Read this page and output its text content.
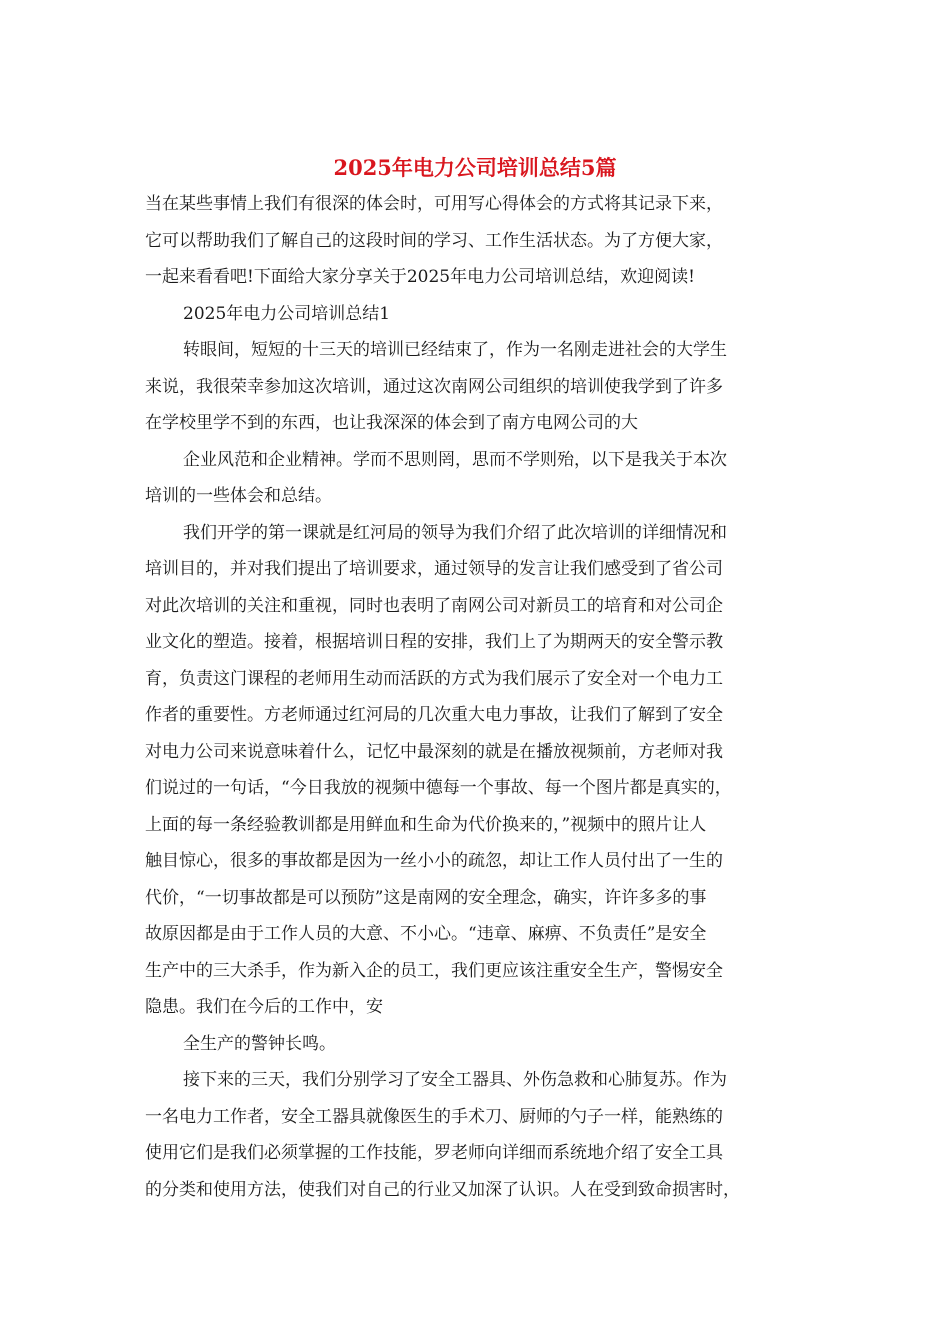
2025年电力公司培训总结5篇

当在某些事情上我们有很深的体会时，可用写心得体会的方式将其记录下来，
它可以帮助我们了解自己的这段时间的学习、工作生活状态。为了方便大家，
一起来看看吧!下面给大家分享关于2025年电力公司培训总结，欢迎阅读!

2025年电力公司培训总结1

转眼间，短短的十三天的培训已经结束了，作为一名刚走进社会的大学生
来说，我很荣幸参加这次培训，通过这次南网公司组织的培训使我学到了许多
在学校里学不到的东西，也让我深深的体会到了南方电网公司的大

企业风范和企业精神。学而不思则罔，思而不学则殆，以下是我关于本次
培训的一些体会和总结。

我们开学的第一课就是红河局的领导为我们介绍了此次培训的详细情况和
培训目的，并对我们提出了培训要求，通过领导的发言让我们感受到了省公司
对此次培训的关注和重视，同时也表明了南网公司对新员工的培育和对公司企
业文化的塑造。接着，根据培训日程的安排，我们上了为期两天的安全警示教
育，负责这门课程的老师用生动而活跃的方式为我们展示了安全对一个电力工
作者的重要性。方老师通过红河局的几次重大电力事故，让我们了解到了安全
对电力公司来说意味着什么，记忆中最深刻的就是在播放视频前，方老师对我
们说过的一句话，“今日我放的视频中德每一个事故、每一个图片都是真实的，
上面的每一条经验教训都是用鲜血和生命为代价换来的，”视频中的照片让人
触目惊心，很多的事故都是因为一丝小小的疏忽，却让工作人员付出了一生的
代价，“一切事故都是可以预防”这是南网的安全理念，确实，许许多多的事
故原因都是由于工作人员的大意、不小心。“违章、麻痹、不负责任”是安全
生产中的三大杀手，作为新入企的员工，我们更应该注重安全生产，警惕安全
隐患。我们在今后的工作中，安

全生产的警钟长鸣。

接下来的三天，我们分别学习了安全工器具、外伤急救和心肺复苏。作为
一名电力工作者，安全工器具就像医生的手术刀、厨师的勺子一样，能熟练的
使用它们是我们必须掌握的工作技能，罗老师向详细而系统地介绍了安全工具
的分类和使用方法，使我们对自己的行业又加深了认识。人在受到致命损害时，
